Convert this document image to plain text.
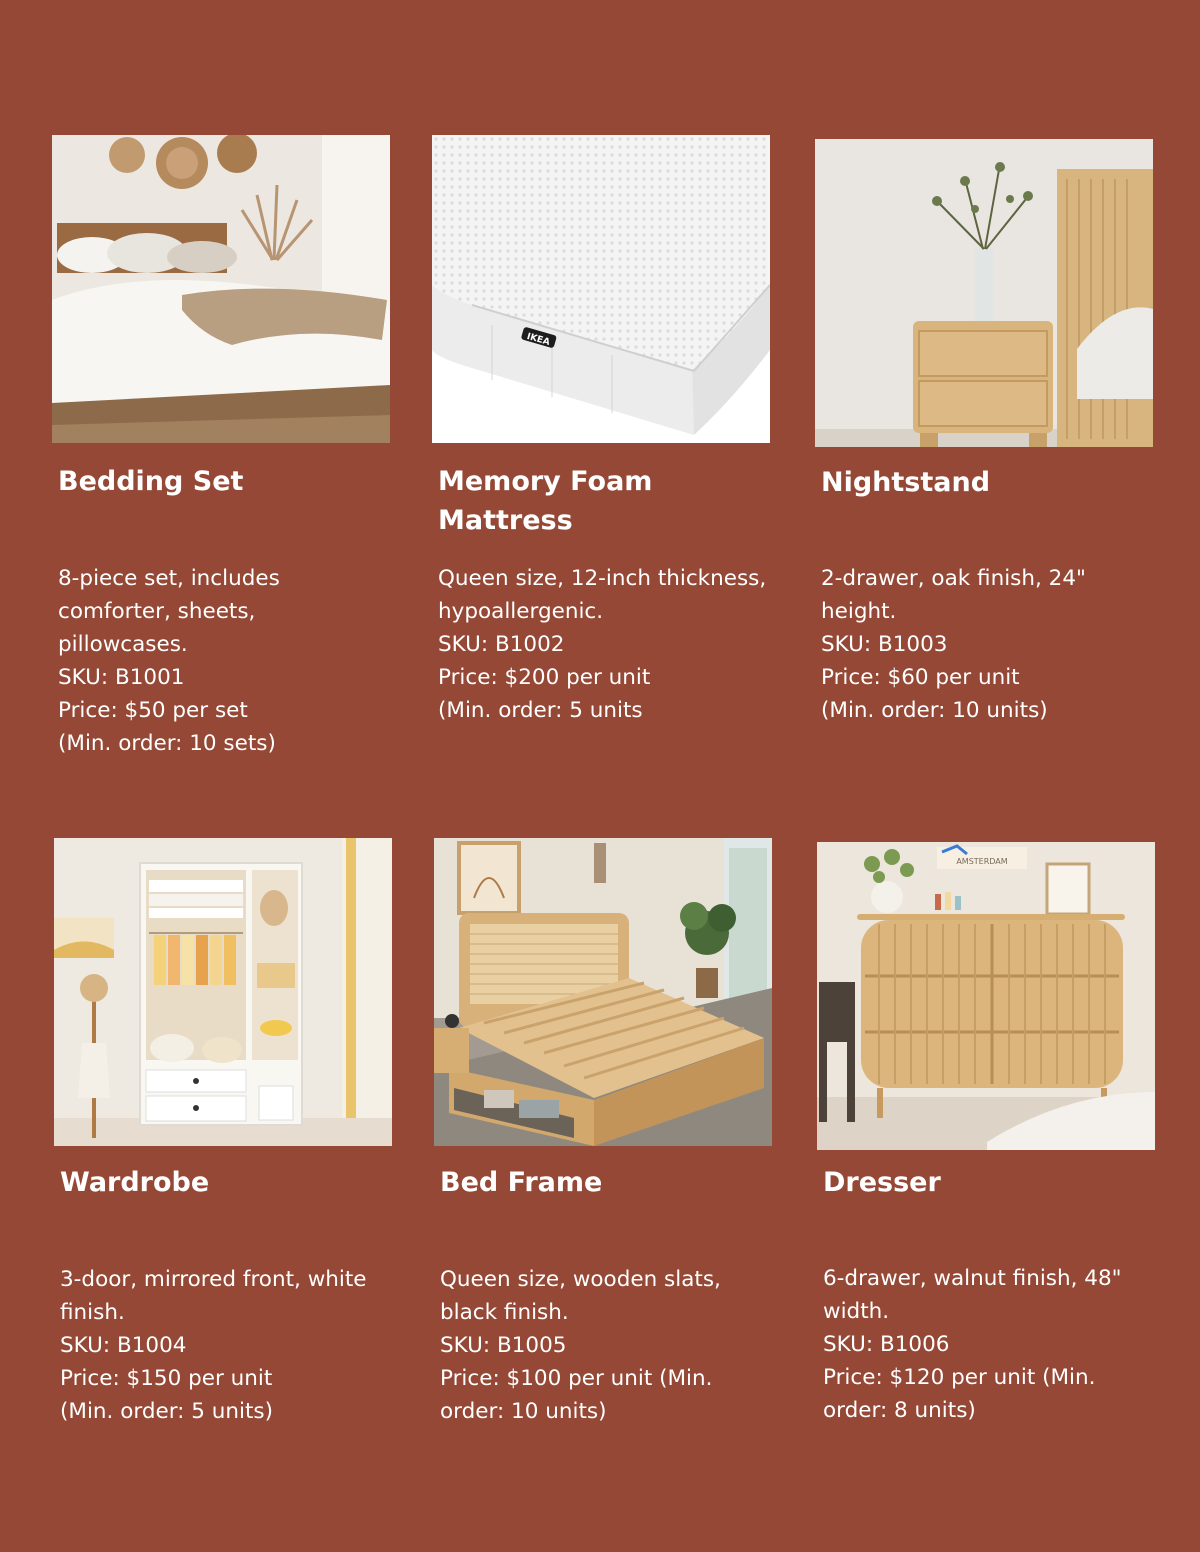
Bedding Set
8-piece set, includes comforter, sheets, pillowcases.
SKU: B1001
Price: $50 per set
(Min. order: 10 sets)
IKEA
Memory Foam Mattress
Queen size, 12-inch thickness, hypoallergenic.
SKU: B1002
Price: $200 per unit
(Min. order: 5 units
Nightstand
2-drawer, oak finish, 24" height.
SKU: B1003
Price: $60 per unit
(Min. order: 10 units)
Wardrobe
3-door, mirrored front, white finish.
SKU: B1004
Price: $150 per unit
(Min. order: 5 units)
Bed Frame
Queen size, wooden slats, black finish.
SKU: B1005
Price: $100 per unit (Min. order: 10 units)
AMSTERDAM
Dresser
6-drawer, walnut finish, 48" width.
SKU: B1006
Price: $120 per unit (Min. order: 8 units)
